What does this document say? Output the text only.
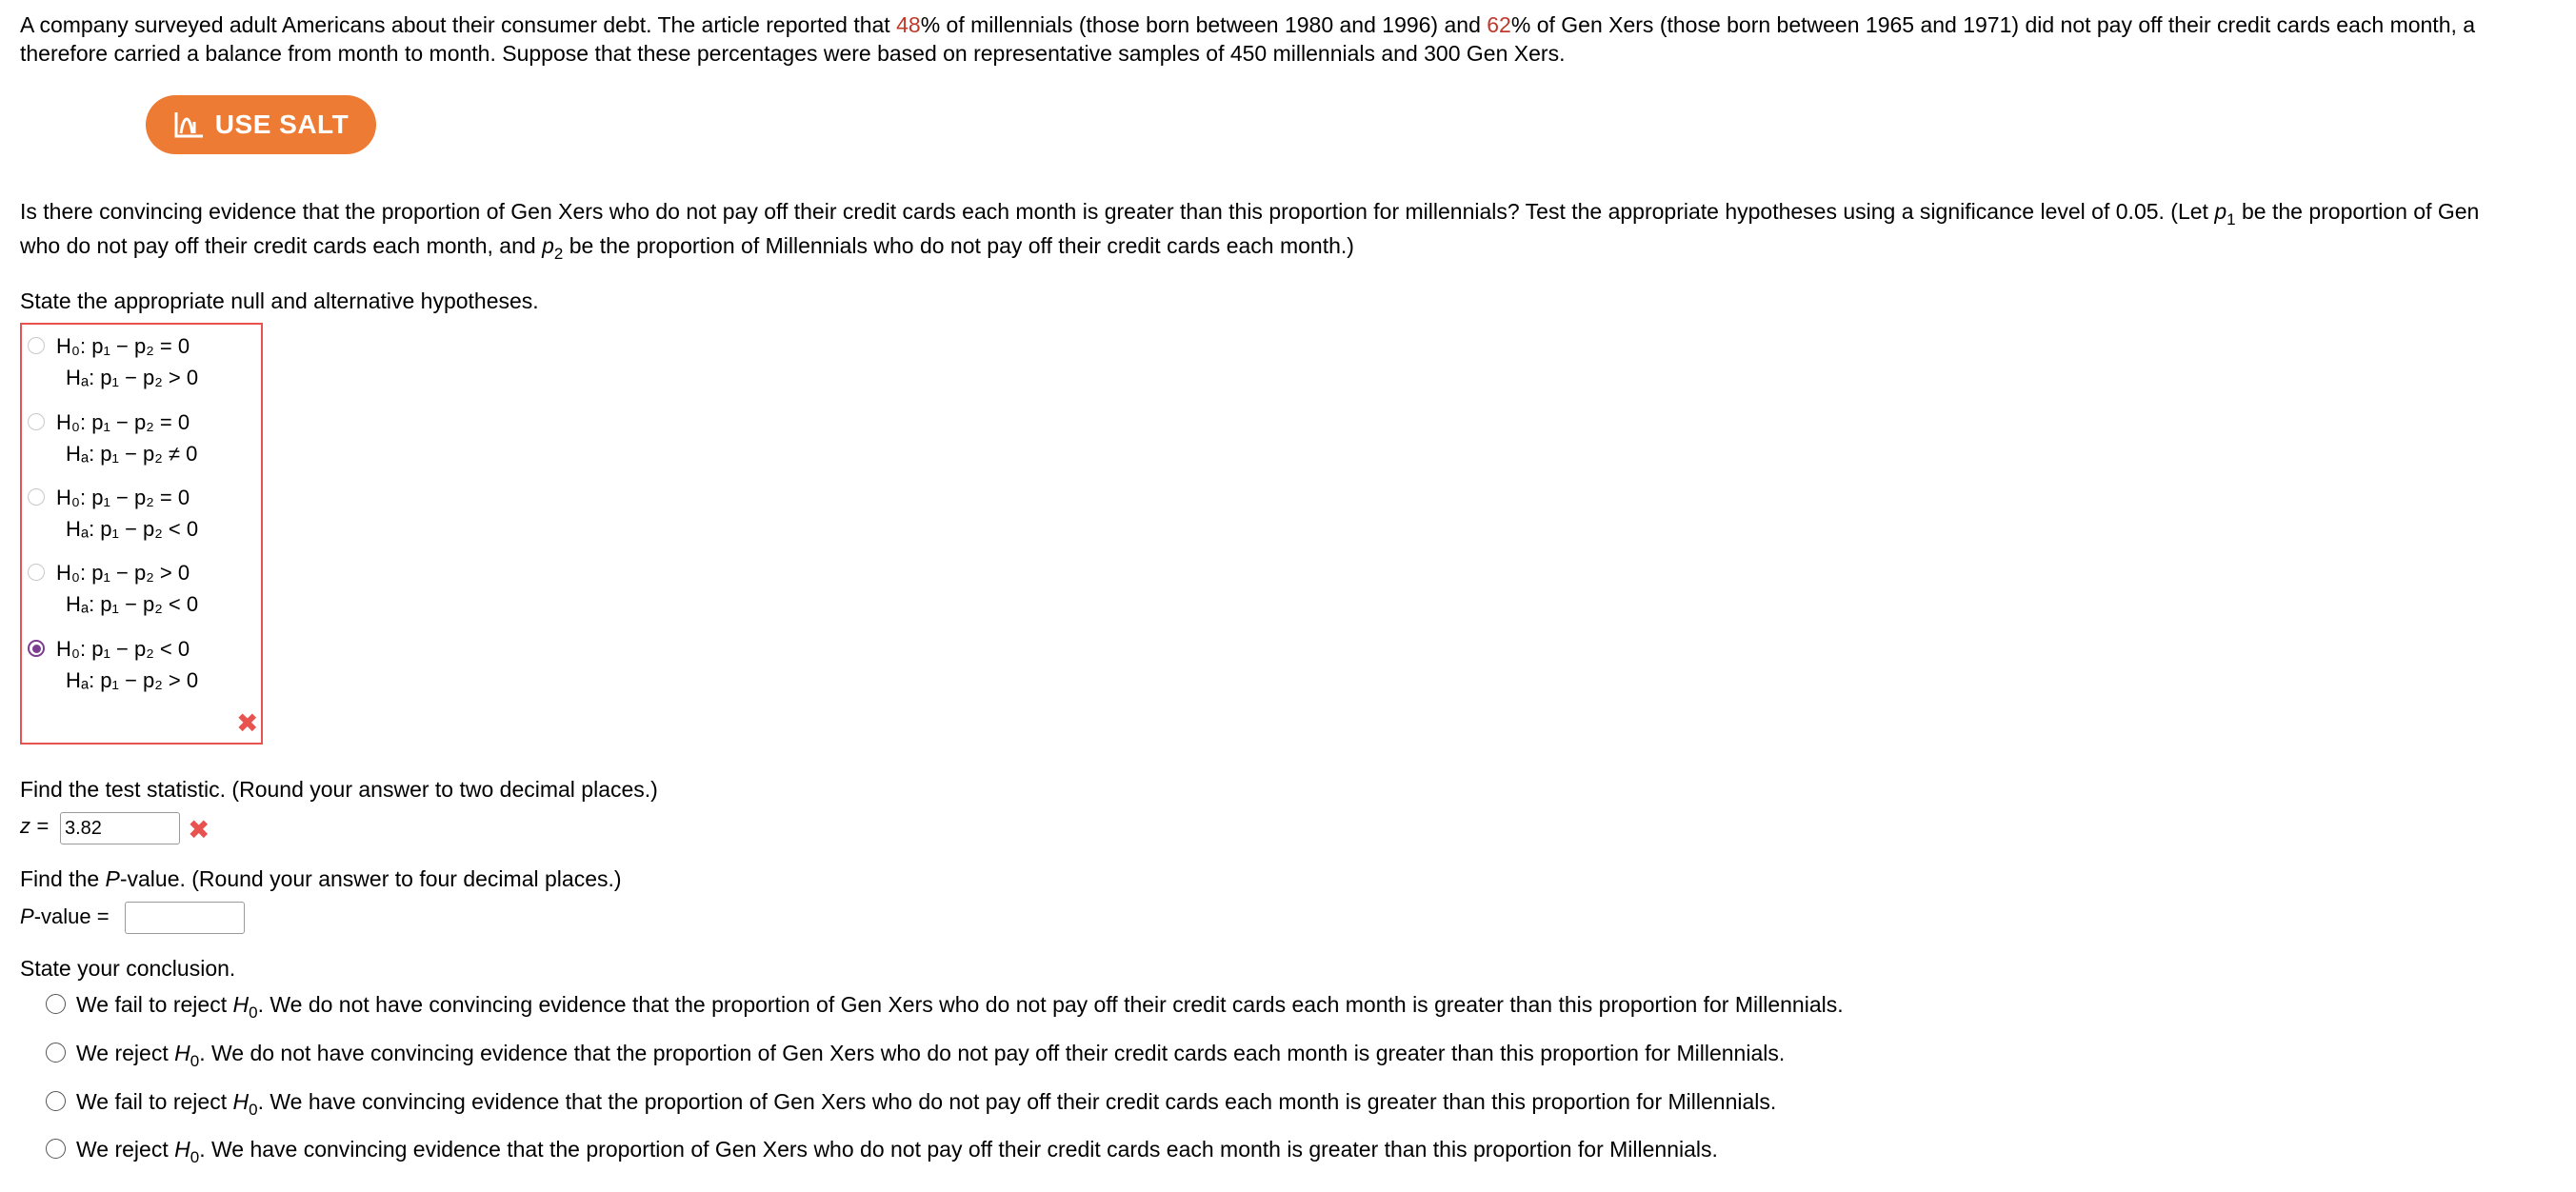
A company surveyed adult Americans about their consumer debt. The article reported that 48% of millennials (those born between 1980 and 1996) and 62% of Gen Xers (those born between 1965 and 1971) did not pay off their credit cards each month, a
therefore carried a balance from month to month. Suppose that these percentages were based on representative samples of 450 millennials and 300 Gen Xers.
USE SALT
Is there convincing evidence that the proportion of Gen Xers who do not pay off their credit cards each month is greater than this proportion for millennials? Test the appropriate hypotheses using a significance level of 0.05. (Let $p_1$ be the proportion of Gen
who do not pay off their credit cards each month, and $p_2$ be the proportion of Millennials who do not pay off their credit cards each month.)
State the appropriate null and alternative hypotheses.
H₀: p₁ − p₂ = 0
Hₐ: p₁ − p₂ > 0
H₀: p₁ − p₂ = 0
Hₐ: p₁ − p₂ ≠ 0
H₀: p₁ − p₂ = 0
Hₐ: p₁ − p₂ < 0
H₀: p₁ − p₂ > 0
Hₐ: p₁ − p₂ < 0
H₀: p₁ − p₂ < 0
Hₐ: p₁ − p₂ > 0
✖
Find the test statistic. (Round your answer to two decimal places.)
z =
3.82	✖
Find the P-value. (Round your answer to four decimal places.)
P-value =
State your conclusion.
We fail to reject $H_0$. We do not have convincing evidence that the proportion of Gen Xers who do not pay off their credit cards each month is greater than this proportion for Millennials.
We reject $H_0$. We do not have convincing evidence that the proportion of Gen Xers who do not pay off their credit cards each month is greater than this proportion for Millennials.
We fail to reject $H_0$. We have convincing evidence that the proportion of Gen Xers who do not pay off their credit cards each month is greater than this proportion for Millennials.
We reject $H_0$. We have convincing evidence that the proportion of Gen Xers who do not pay off their credit cards each month is greater than this proportion for Millennials.
